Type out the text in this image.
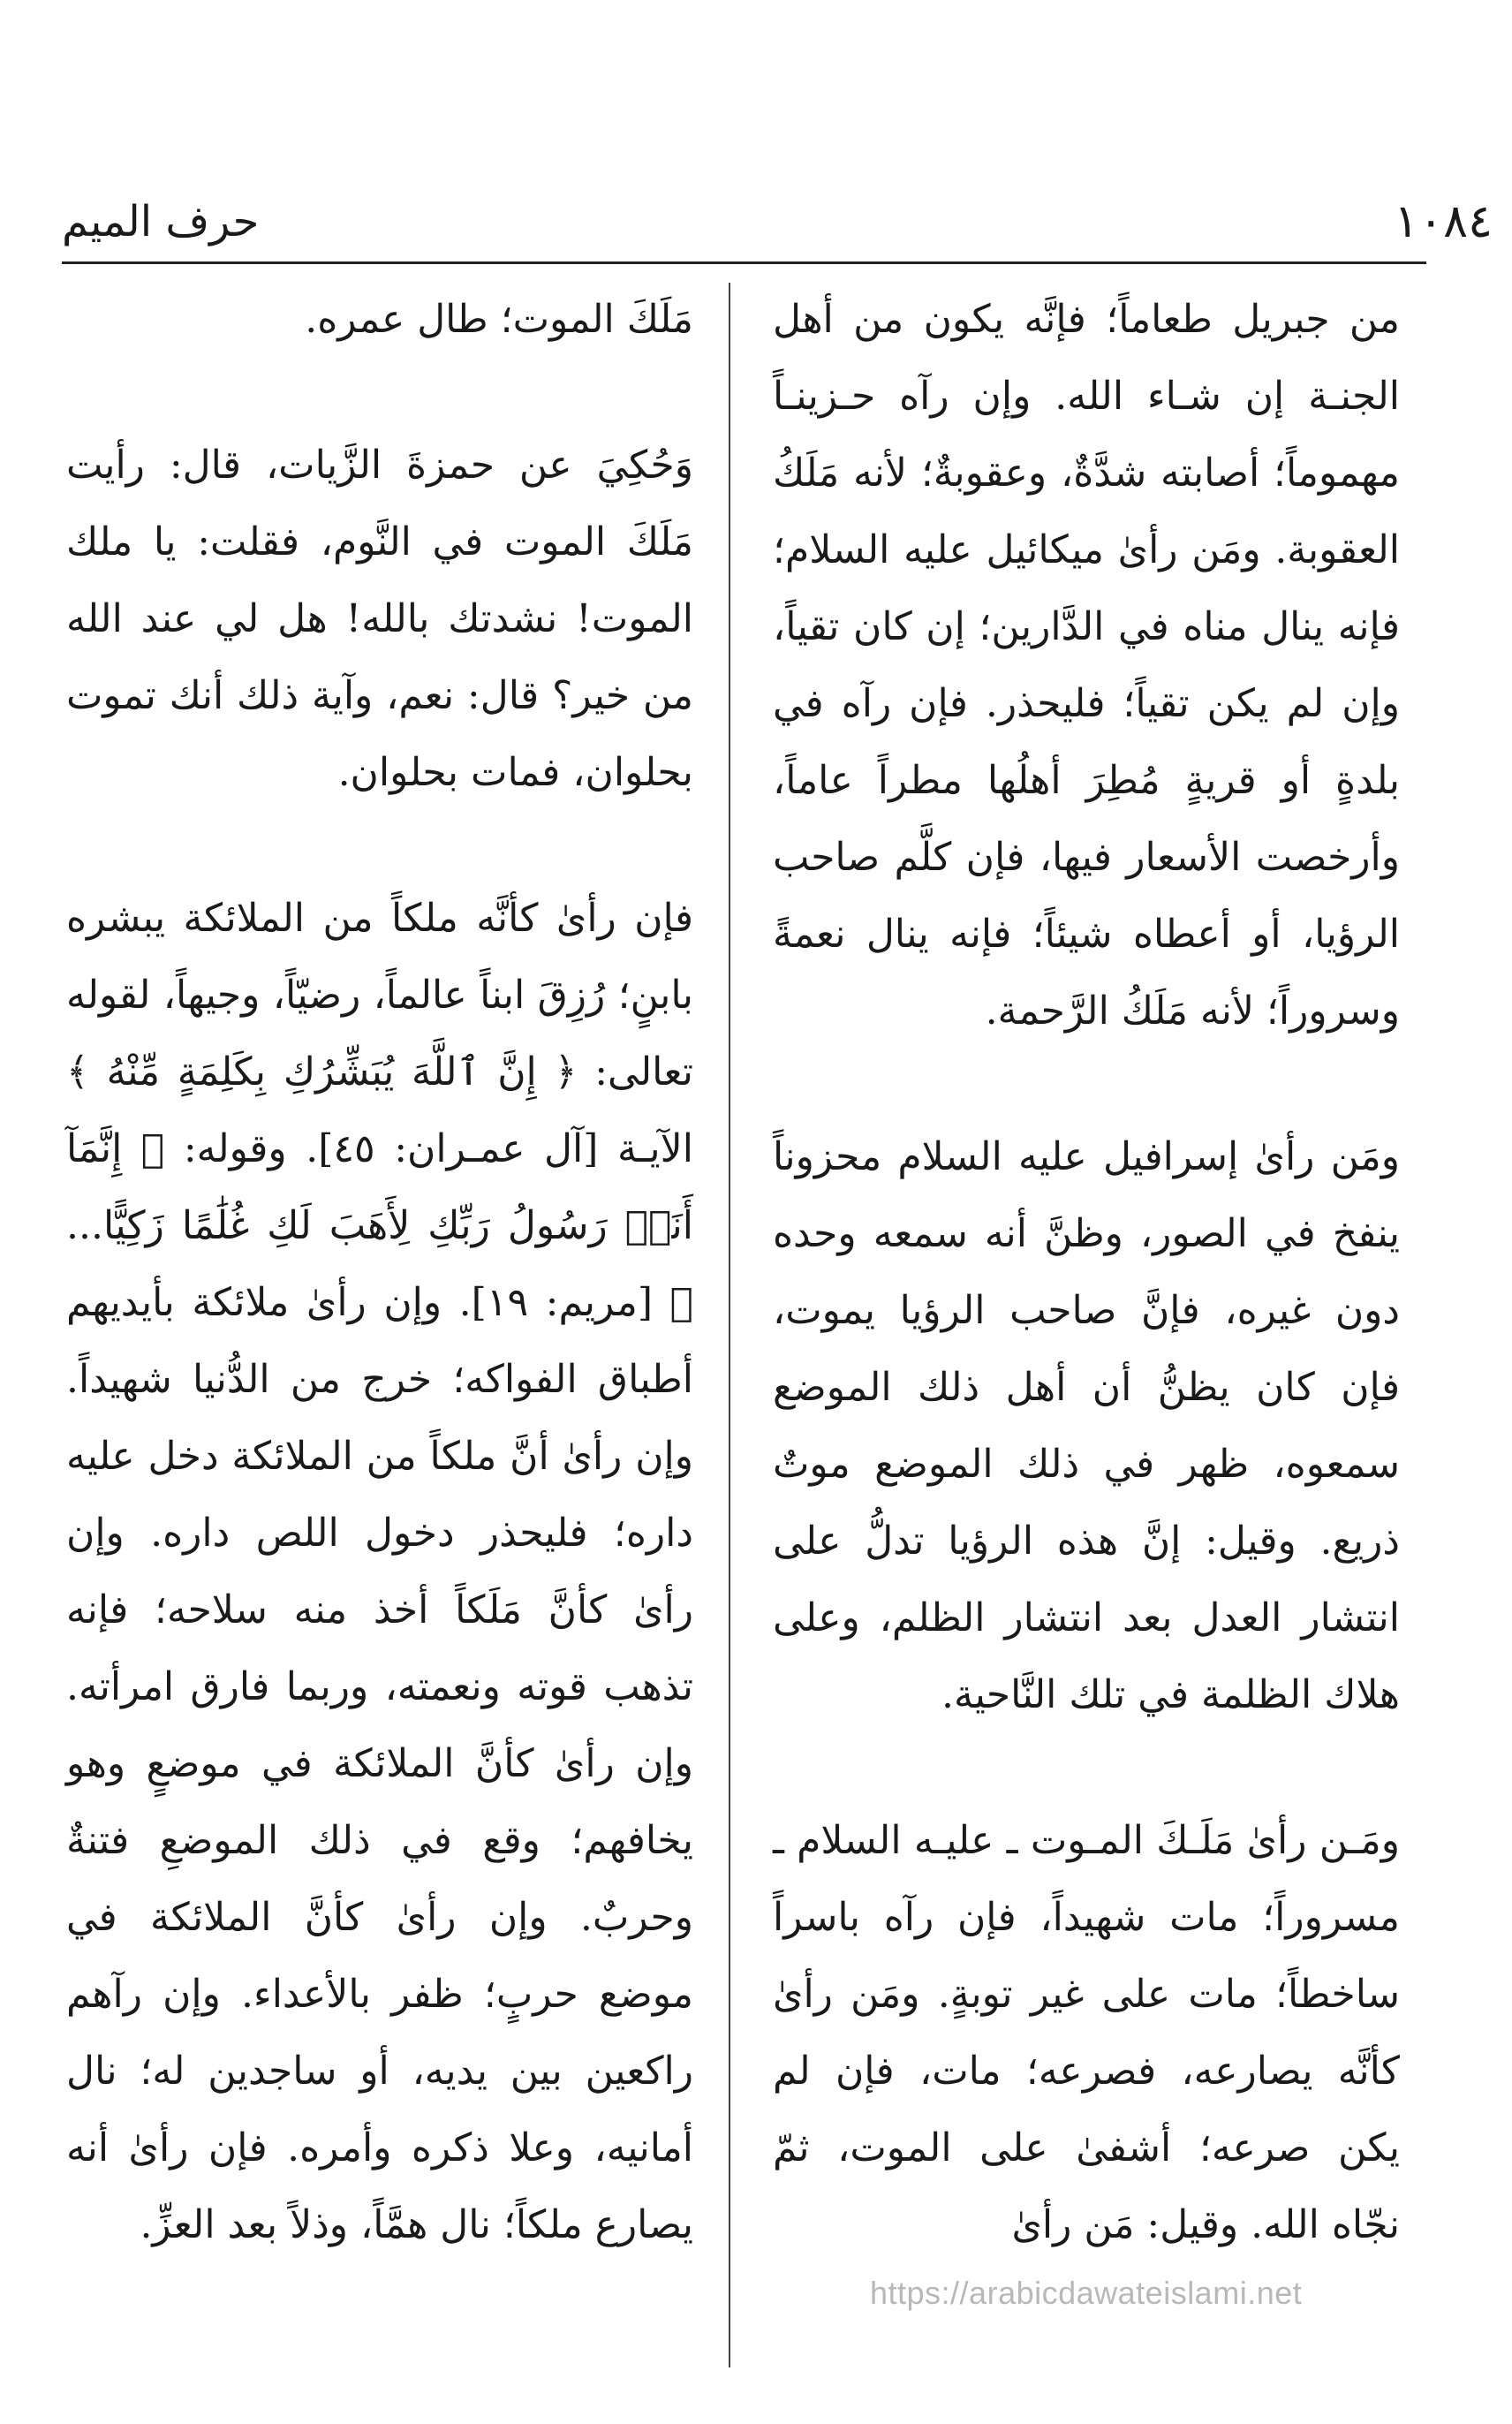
١٠٨٤
حرف الميم

من جبريل طعاماً؛ فإنَّه يكون من أهل الجنـة إن شـاء الله. وإن رآه حـزينـاً مهموماً؛ أصابته شدَّةٌ، وعقوبةٌ؛ لأنه مَلَكُ العقوبة. ومَن رأىٰ ميكائيل عليه السلام؛ فإنه ينال مناه في الدَّارين؛ إن كان تقياً، وإن لم يكن تقياً؛ فليحذر. فإن رآه في بلدةٍ أو قريةٍ مُطِرَ أهلُها مطراً عاماً، وأرخصت الأسعار فيها، فإن كلَّم صاحب الرؤيا، أو أعطاه شيئاً؛ فإنه ينال نعمةً وسروراً؛ لأنه مَلَكُ الرَّحمة.

ومَن رأىٰ إسرافيل عليه السلام محزوناً ينفخ في الصور، وظنَّ أنه سمعه وحده دون غيره، فإنَّ صاحب الرؤيا يموت، فإن كان يظنُّ أن أهل ذلك الموضع سمعوه، ظهر في ذلك الموضع موتٌ ذريع. وقيل: إنَّ هذه الرؤيا تدلُّ على انتشار العدل بعد انتشار الظلم، وعلى هلاك الظلمة في تلك النَّاحية.

ومَـن رأىٰ مَلَـكَ المـوت ـ عليـه السلام ـ مسروراً؛ مات شهيداً، فإن رآه باسراً ساخطاً؛ مات على غير توبةٍ. ومَن رأىٰ كأنَّه يصارعه، فصرعه؛ مات، فإن لم يكن صرعه؛ أشفىٰ على الموت، ثمّ نجّاه الله. وقيل: مَن رأىٰ

مَلَكَ الموت؛ طال عمره.

وَحُكِيَ عن حمزةَ الزَّيات، قال: رأيت مَلَكَ الموت في النَّوم، فقلت: يا ملك الموت! نشدتك بالله! هل لي عند الله من خير؟ قال: نعم، وآية ذلك أنك تموت بحلوان، فمات بحلوان.

فإن رأىٰ كأنَّه ملكاً من الملائكة يبشره بابنٍ؛ رُزِقَ ابناً عالماً، رضيّاً، وجيهاً، لقوله تعالى: ﴿ إِنَّ ٱللَّهَ يُبَشِّرُكِ بِكَلِمَةٍ مِّنْهُ ﴾ الآيـة [آل عمـران: ٤٥]. وقوله: ﴿ إِنَّمَآ أَنَا۠ رَسُولُ رَبِّكِ لِأَهَبَ لَكِ غُلَٰمًا زَكِيًّا... ﴾ [مريم: ١٩]. وإن رأىٰ ملائكة بأيديهم أطباق الفواكه؛ خرج من الدُّنيا شهيداً. وإن رأىٰ أنَّ ملكاً من الملائكة دخل عليه داره؛ فليحذر دخول اللص داره. وإن رأىٰ كأنَّ مَلَكاً أخذ منه سلاحه؛ فإنه تذهب قوته ونعمته، وربما فارق امرأته. وإن رأىٰ كأنَّ الملائكة في موضعٍ وهو يخافهم؛ وقع في ذلك الموضعِ فتنةٌ وحربٌ. وإن رأىٰ كأنَّ الملائكة في موضع حربٍ؛ ظفر بالأعداء. وإن رآهم راكعين بين يديه، أو ساجدين له؛ نال أمانيه، وعلا ذكره وأمره. فإن رأىٰ أنه يصارع ملكاً؛ نال همَّاً، وذلاً بعد العزِّ.

https://arabicdawateislami.net
